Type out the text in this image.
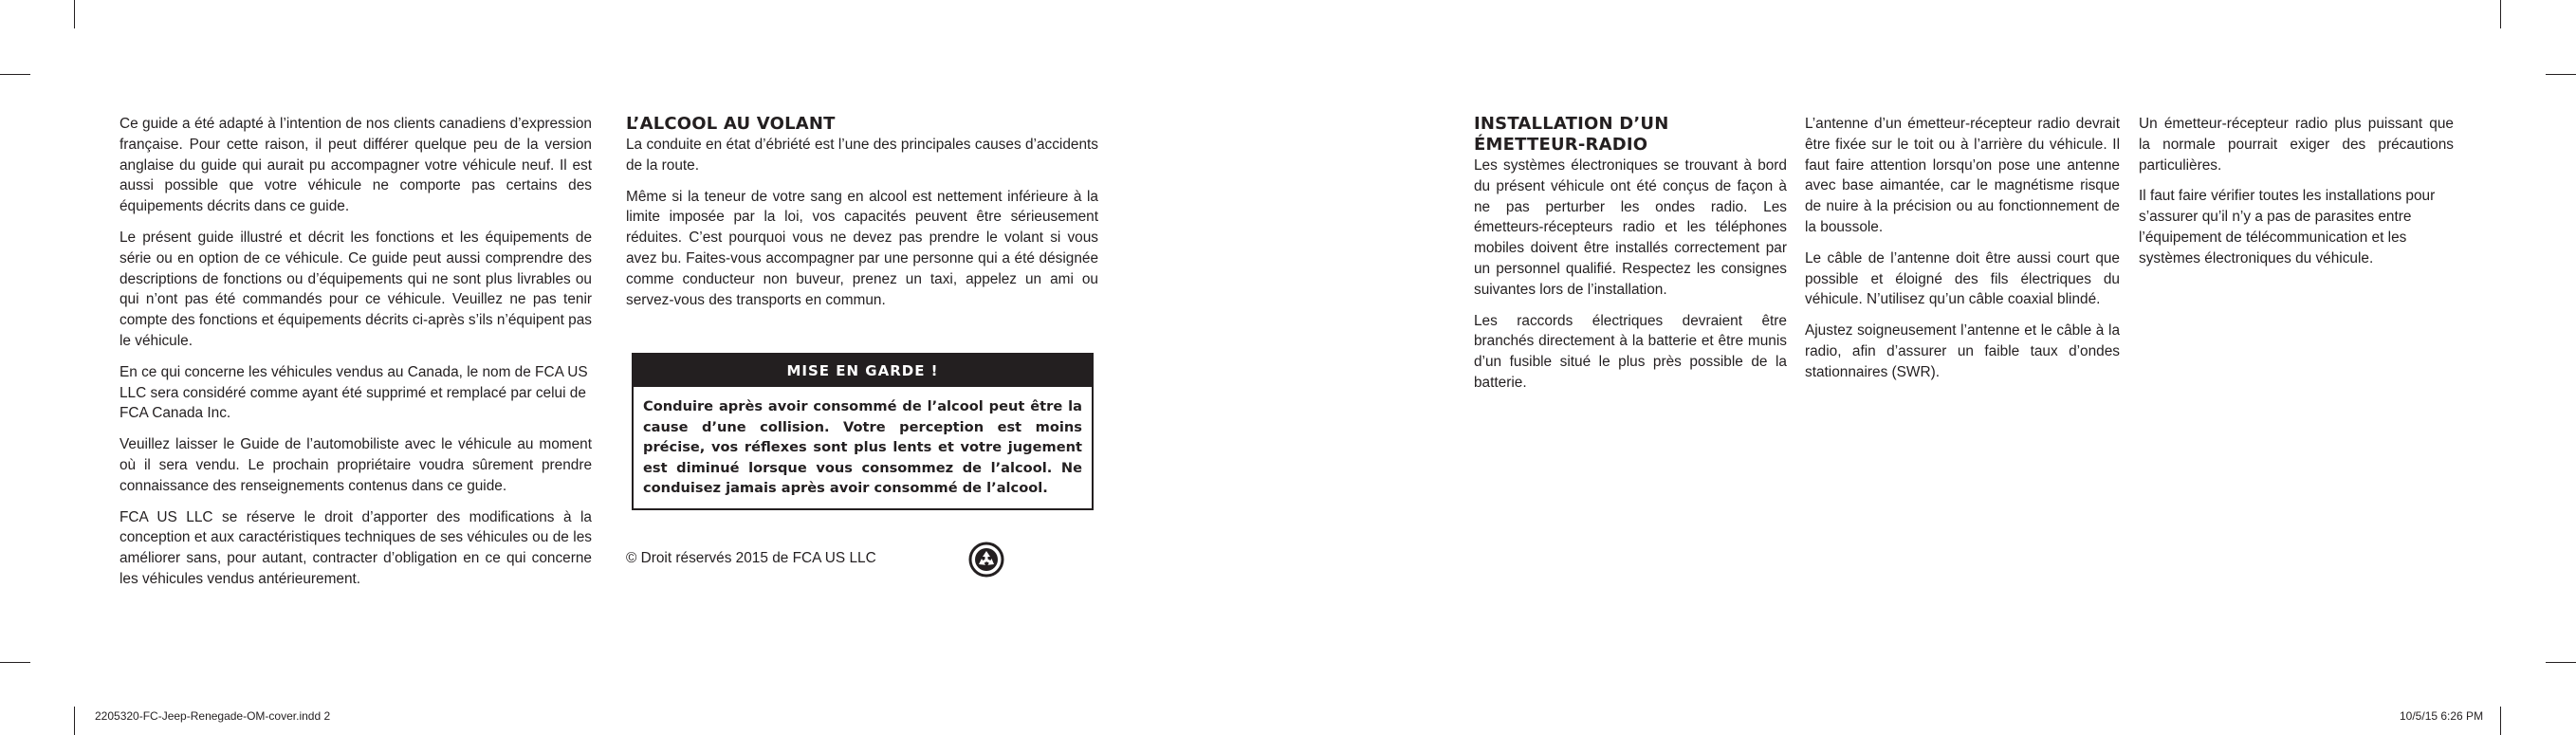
Ce guide a été adapté à l’intention de nos clients canadiens d’expression française. Pour cette raison, il peut différer quelque peu de la version anglaise du guide qui aurait pu accompagner votre véhicule neuf. Il est aussi possible que votre véhicule ne comporte pas certains des équipements décrits dans ce guide.

Le présent guide illustré et décrit les fonctions et les équipements de série ou en option de ce véhicule. Ce guide peut aussi comprendre des descriptions de fonctions ou d’équipements qui ne sont plus livrables ou qui n’ont pas été commandés pour ce véhicule. Veuillez ne pas tenir compte des fonctions et équipements décrits ci-après s’ils n’équipent pas le véhicule.

En ce qui concerne les véhicules vendus au Canada, le nom de FCA US LLC sera considéré comme ayant été supprimé et remplacé par celui de FCA Canada Inc.

Veuillez laisser le Guide de l’automobiliste avec le véhicule au moment où il sera vendu. Le prochain propriétaire voudra sûrement prendre connaissance des renseignements contenus dans ce guide.

FCA US LLC se réserve le droit d’apporter des modifications à la conception et aux caractéristiques techniques de ses véhicules ou de les améliorer sans, pour autant, contracter d’obligation en ce qui concerne les véhicules vendus antérieurement.

L’ALCOOL AU VOLANT

La conduite en état d’ébriété est l’une des principales causes d’accidents de la route.

Même si la teneur de votre sang en alcool est nettement inférieure à la limite imposée par la loi, vos capacités peuvent être sérieusement réduites. C’est pourquoi vous ne devez pas prendre le volant si vous avez bu. Faites-vous accompagner par une personne qui a été désignée comme conducteur non buveur, prenez un taxi, appelez un ami ou servez-vous des transports en commun.

MISE EN GARDE !
Conduire après avoir consommé de l’alcool peut être la cause d’une collision. Votre perception est moins précise, vos réflexes sont plus lents et votre jugement est diminué lorsque vous consommez de l’alcool. Ne conduisez jamais après avoir consommé de l’alcool.
© Droit réservés 2015 de FCA US LLC
INSTALLATION D’UN
ÉMETTEUR-RADIO

Les systèmes électroniques se trouvant à bord du présent véhicule ont été conçus de façon à ne pas perturber les ondes radio. Les émetteurs-récepteurs radio et les téléphones mobiles doivent être installés correctement par un personnel qualifié. Respectez les consignes suivantes lors de l’installation.

Les raccords électriques devraient être branchés directement à la batterie et être munis d’un fusible situé le plus près possible de la batterie.

L’antenne d’un émetteur-récepteur radio devrait être fixée sur le toit ou à l’arrière du véhicule. Il faut faire attention lorsqu’on pose une antenne avec base aimantée, car le magnétisme risque de nuire à la précision ou au fonctionnement de la boussole.

Le câble de l’antenne doit être aussi court que possible et éloigné des fils électriques du véhicule. N’utilisez qu’un câble coaxial blindé.

Ajustez soigneusement l’antenne et le câble à la radio, afin d’assurer un faible taux d’ondes stationnaires (SWR).

Un émetteur-récepteur radio plus puissant que la normale pourrait exiger des précautions particulières.

Il faut faire vérifier toutes les installations pour s’assurer qu’il n’y a pas de parasites entre l’équipement de télécommunication et les systèmes électroniques du véhicule.

2205320-FC-Jeep-Renegade-OM-cover.indd 2	10/5/15 6:26 PM
